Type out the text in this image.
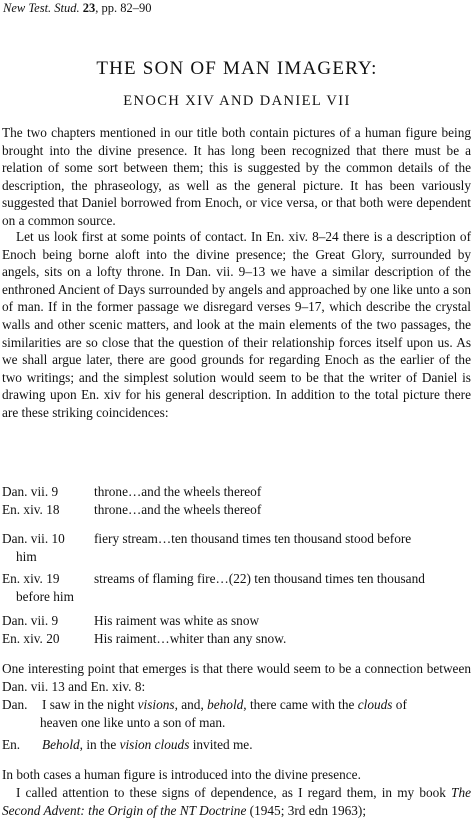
New Test. Stud. 23, pp. 82–90
THE SON OF MAN IMAGERY:
ENOCH XIV AND DANIEL VII
The two chapters mentioned in our title both contain pictures of a human figure being brought into the divine presence. It has long been recognized that there must be a relation of some sort between them; this is suggested by the common details of the description, the phraseology, as well as the general picture. It has been variously suggested that Daniel borrowed from Enoch, or vice versa, or that both were dependent on a common source.
Let us look first at some points of contact. In En. xiv. 8–24 there is a description of Enoch being borne aloft into the divine presence; the Great Glory, surrounded by angels, sits on a lofty throne. In Dan. vii. 9–13 we have a similar description of the enthroned Ancient of Days surrounded by angels and approached by one like unto a son of man. If in the former passage we disregard verses 9–17, which describe the crystal walls and other scenic matters, and look at the main elements of the two passages, the similarities are so close that the question of their relationship forces itself upon us. As we shall argue later, there are good grounds for regarding Enoch as the earlier of the two writings; and the simplest solution would seem to be that the writer of Daniel is drawing upon En. xiv for his general description. In addition to the total picture there are these striking coincidences:
Dan. vii. 9	throne…and the wheels thereof
En. xiv. 18	throne…and the wheels thereof
Dan. vii. 10 fiery stream…ten thousand times ten thousand stood before
him
En. xiv. 19	streams of flaming fire…(22) ten thousand times ten thousand
before him
Dan. vii. 9	His raiment was white as snow
En. xiv. 20	His raiment…whiter than any snow.
One interesting point that emerges is that there would seem to be a connection between Dan. vii. 13 and En. xiv. 8:
Dan. I saw in the night visions, and, behold, there came with the clouds of
heaven one like unto a son of man.
En. Behold, in the vision clouds invited me.
In both cases a human figure is introduced into the divine presence.
I called attention to these signs of dependence, as I regard them, in my book The Second Advent: the Origin of the NT Doctrine (1945; 3rd edn 1963);
